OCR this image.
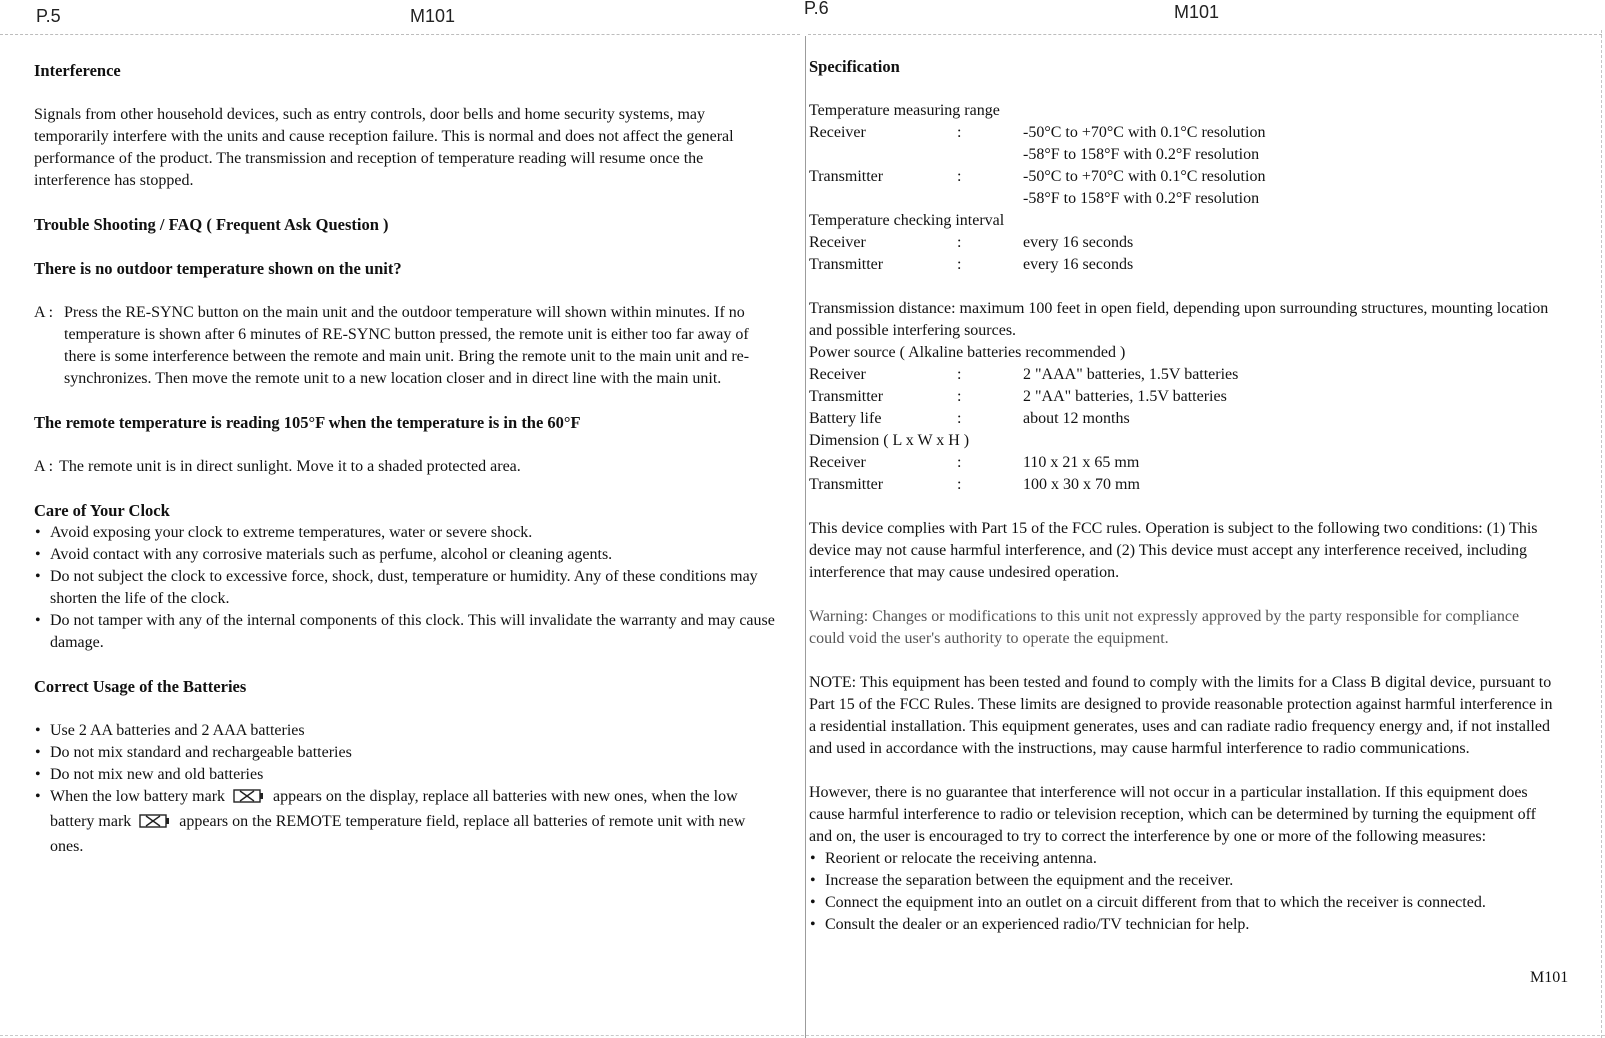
P.5	M101	P.6	M101
Interference

Signals from other household devices, such as entry controls, door bells and home security systems, may temporarily interfere with the units and cause reception failure. This is normal and does not affect the general performance of the product. The transmission and reception of temperature reading will resume once the interference has stopped.

Trouble Shooting / FAQ ( Frequent Ask Question )
There is no outdoor temperature shown on the unit?
A : Press the RE-SYNC button on the main unit and the outdoor temperature will shown within minutes. If no temperature is shown after 6 minutes of RE-SYNC button pressed, the remote unit is either too far away of there is some interference between the remote and main unit. Bring the remote unit to the main unit and re-synchronizes. Then move the remote unit to a new location closer and in direct line with the main unit.
The remote temperature is reading 105°F when the temperature is in the 60°F
A : The remote unit is in direct sunlight. Move it to a shaded protected area.
Care of Your Clock
• Avoid exposing your clock to extreme temperatures, water or severe shock.
• Avoid contact with any corrosive materials such as perfume, alcohol or cleaning agents.
• Do not subject the clock to excessive force, shock, dust, temperature or humidity. Any of these conditions may shorten the life of the clock.
• Do not tamper with any of the internal components of this clock. This will invalidate the warranty and may cause damage.
Correct Usage of the Batteries
• Use 2 AA batteries and 2 AAA batteries
• Do not mix standard and rechargeable batteries
• Do not mix new and old batteries
• When the low battery mark	appears on the display, replace all batteries with new ones, when the low battery mark	appears on the REMOTE temperature field, replace all batteries of remote unit with new ones.
Specification

Temperature measuring range

Receiver	:	-50°C to +70°C with 0.1°C resolution
-58°F to 158°F with 0.2°F resolution
Transmitter	:	-50°C to +70°C with 0.1°C resolution
-58°F to 158°F with 0.2°F resolution

Temperature checking interval

Receiver	:	every 16 seconds
Transmitter	:	every 16 seconds

Transmission distance: maximum 100 feet in open field, depending upon surrounding structures, mounting location and possible interfering sources.

Power source ( Alkaline batteries recommended )

Receiver	:	2 "AAA" batteries, 1.5V batteries
Transmitter	:	2 "AA" batteries, 1.5V batteries
Battery life	:	about 12 months

Dimension ( L x W x H )

Receiver	:	110 x 21 x 65 mm
Transmitter	:	100 x 30 x 70 mm

This device complies with Part 15 of the FCC rules. Operation is subject to the following two conditions: (1) This device may not cause harmful interference, and (2) This device must accept any interference received, including interference that may cause undesired operation.

Warning: Changes or modifications to this unit not expressly approved by the party responsible for compliance could void the user's authority to operate the equipment.

NOTE: This equipment has been tested and found to comply with the limits for a Class B digital device, pursuant to Part 15 of the FCC Rules. These limits are designed to provide reasonable protection against harmful interference in a residential installation. This equipment generates, uses and can radiate radio frequency energy and, if not installed and used in accordance with the instructions, may cause harmful interference to radio communications.

However, there is no guarantee that interference will not occur in a particular installation. If this equipment does cause harmful interference to radio or television reception, which can be determined by turning the equipment off and on, the user is encouraged to try to correct the interference by one or more of the following measures:

• Reorient or relocate the receiving antenna.
• Increase the separation between the equipment and the receiver.
• Connect the equipment into an outlet on a circuit different from that to which the receiver is connected.
• Consult the dealer or an experienced radio/TV technician for help.
M101
